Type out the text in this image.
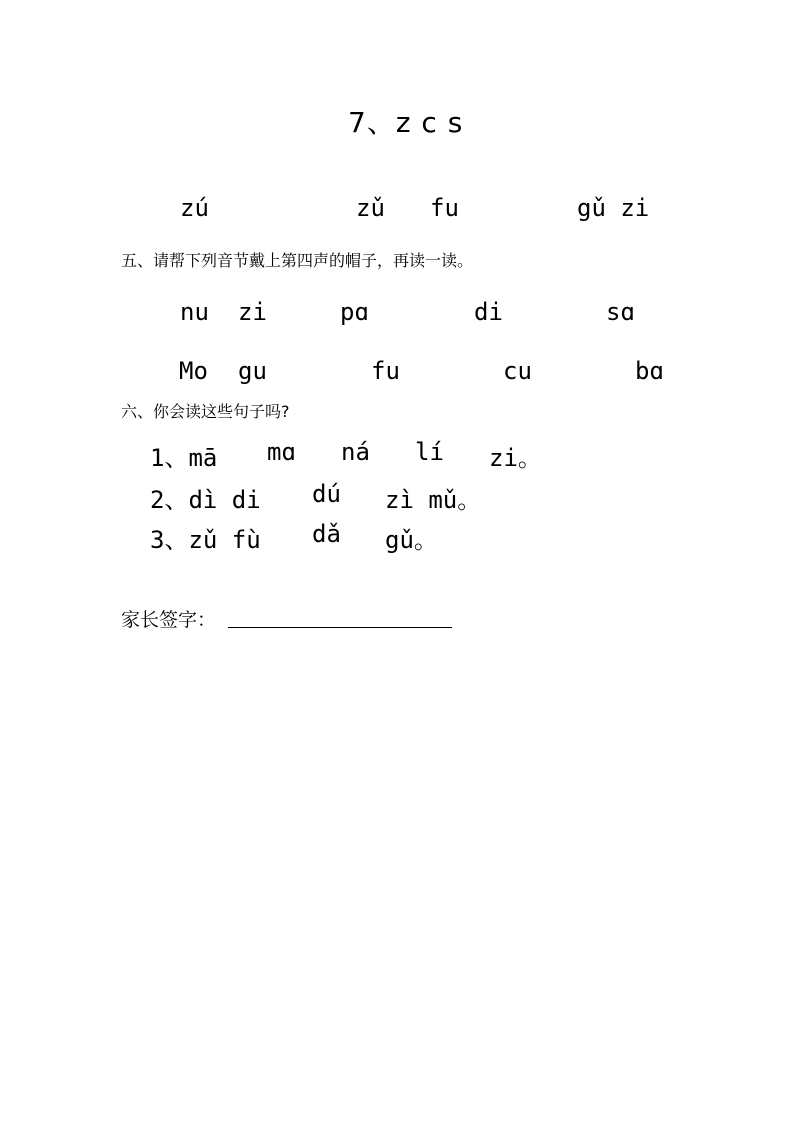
7、z c s
zú	zǔ fu	gǔ zi
五、请帮下列音节戴上第四声的帽子，再读一读。
nu zi	pɑ	di	sɑ
Mo gu	fu	cu	bɑ
六、你会读这些句子吗?
1、mā mɑ ná lí zi。
2、dì di dú zì mǔ。
3、zǔ fù dǎ gǔ。
家长签字：
